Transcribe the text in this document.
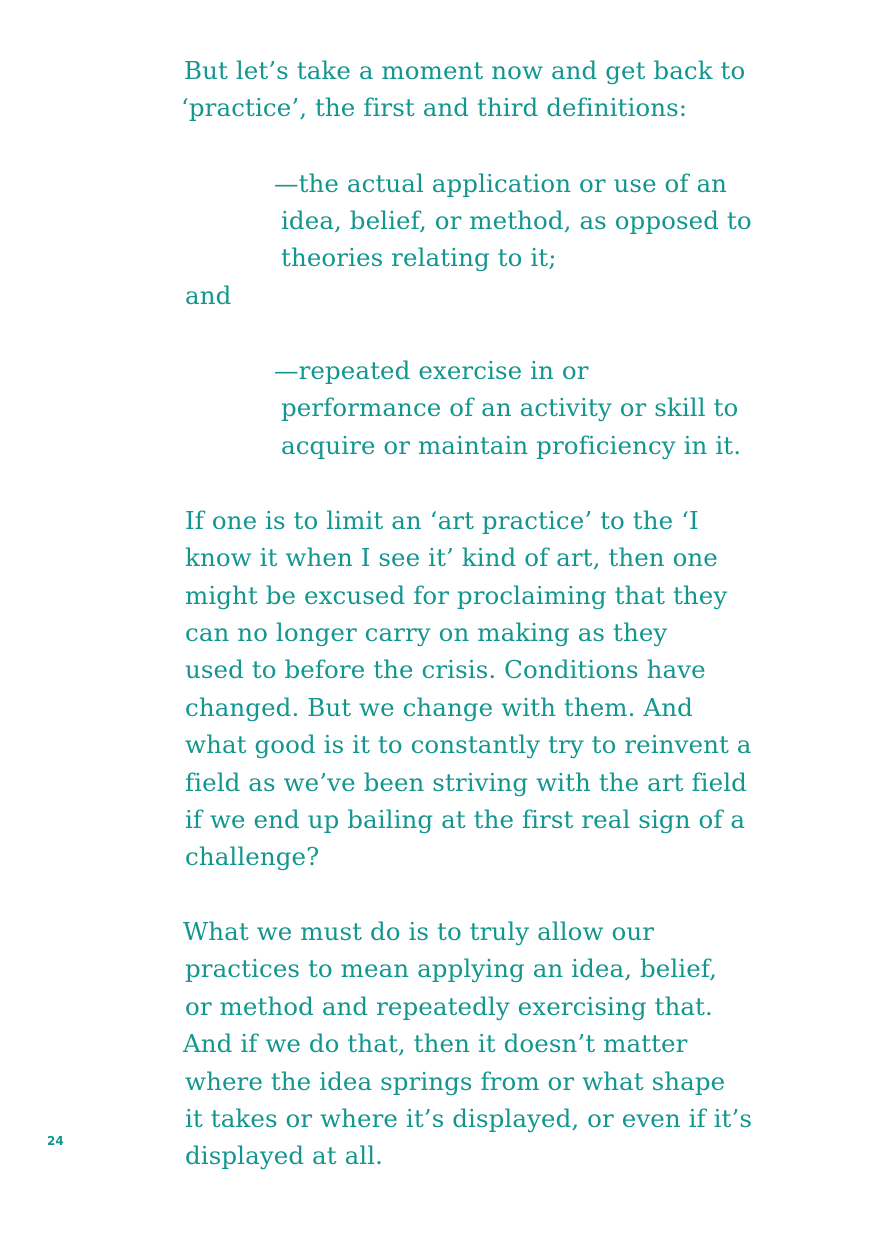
But let’s take a moment now and get back to
‘practice’, the first and third definitions:
—the actual application or use of an
idea, belief, or method, as opposed to
theories relating to it;
and
—repeated exercise in or
performance of an activity or skill to
acquire or maintain proficiency in it.
If one is to limit an ‘art practice’ to the ‘I
know it when I see it’ kind of art, then one
might be excused for proclaiming that they
can no longer carry on making as they
used to before the crisis. Conditions have
changed. But we change with them. And
what good is it to constantly try to reinvent a
field as we’ve been striving with the art field
if we end up bailing at the first real sign of a
challenge?
What we must do is to truly allow our
practices to mean applying an idea, belief,
or method and repeatedly exercising that.
And if we do that, then it doesn’t matter
where the idea springs from or what shape
it takes or where it’s displayed, or even if it’s
displayed at all.
24
